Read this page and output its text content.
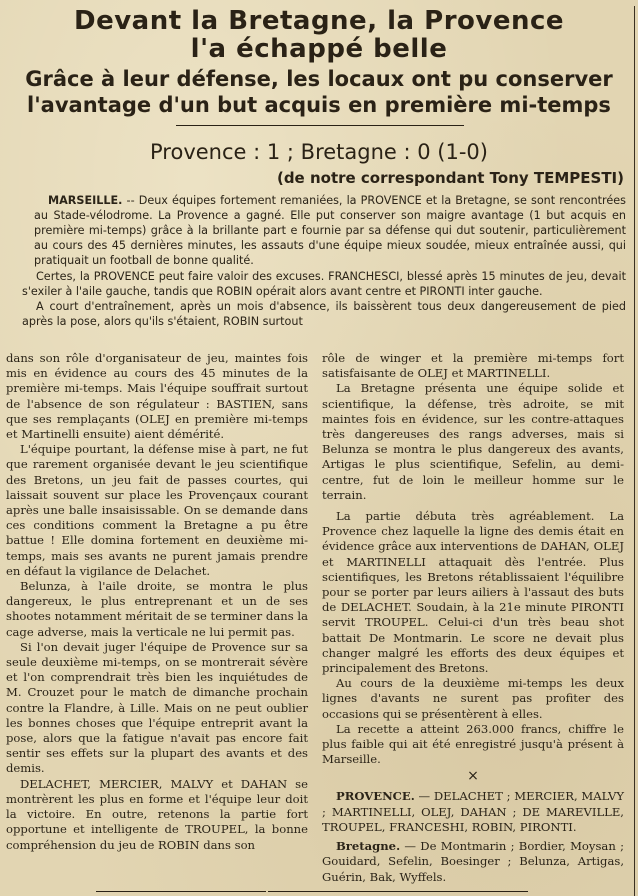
Devant la Bretagne, la Provence
l'a échappé belle
Grâce à leur défense, les locaux ont pu conserver
l'avantage d'un but acquis en première mi-temps
Provence : 1 ; Bretagne : 0 (1-0)
(de notre correspondant Tony TEMPESTI)

MARSEILLE. -- Deux équipes fortement remaniées, la PROVENCE et la Bretagne, se sont rencontrées au Stade-vélodrome. La Provence a gagné. Elle put conserver son maigre avantage (1 but acquis en première mi-temps) grâce à la brillante part e fournie par sa défense qui dut soutenir, particulièrement au cours des 45 dernières minutes, les assauts d'une équipe mieux soudée, mieux entraînée aussi, qui pratiquait un football de bonne qualité.

Certes, la PROVENCE peut faire valoir des excuses. FRANCHESCI, blessé après 15 minutes de jeu, devait s'exiler à l'aile gauche, tandis que ROBIN opérait alors avant centre et PIRONTI inter gauche.

A court d'entraînement, après un mois d'absence, ils baissèrent tous deux dangereusement de pied après la pose, alors qu'ils s'étaient, ROBIN surtout

dans son rôle d'organisateur de jeu, maintes fois mis en évidence au cours des 45 minutes de la première mi-temps. Mais l'équipe souffrait surtout de l'absence de son régulateur : BASTIEN, sans que ses remplaçants (OLEJ en première mi-temps et Martinelli ensuite) aient démérité.

L'équipe pourtant, la défense mise à part, ne fut que rarement organisée devant le jeu scientifique des Bretons, un jeu fait de passes courtes, qui laissait souvent sur place les Provençaux courant après une balle insaisissable. On se demande dans ces conditions comment la Bretagne a pu être battue ! Elle domina fortement en deuxième mi-temps, mais ses avants ne purent jamais prendre en défaut la vigilance de Delachet.

Belunza, à l'aile droite, se montra le plus dangereux, le plus entreprenant et un de ses shootes notamment méritait de se terminer dans la cage adverse, mais la verticale ne lui permit pas.

Si l'on devait juger l'équipe de Provence sur sa seule deuxième mi-temps, on se montrerait sévère et l'on comprendrait très bien les inquiétudes de M. Crouzet pour le match de dimanche prochain contre la Flandre, à Lille. Mais on ne peut oublier les bonnes choses que l'équipe entreprit avant la pose, alors que la fatigue n'avait pas encore fait sentir ses effets sur la plupart des avants et des demis.

DELACHET, MERCIER, MALVY et DAHAN se montrèrent les plus en forme et l'équipe leur doit la victoire. En outre, retenons la partie fort opportune et intelligente de TROUPEL, la bonne compréhension du jeu de ROBIN dans son

rôle de winger et la première mi-temps fort satisfaisante de OLEJ et MARTINELLI.

La Bretagne présenta une équipe solide et scientifique, la défense, très adroite, se mit maintes fois en évidence, sur les contre-attaques très dangereuses des rangs adverses, mais si Belunza se montra le plus dangereux des avants, Artigas le plus scientifique, Sefelin, au demi-centre, fut de loin le meilleur homme sur le terrain.

La partie débuta très agréablement. La Provence chez laquelle la ligne des demis était en évidence grâce aux interventions de DAHAN, OLEJ et MARTINELLI attaquait dès l'entrée. Plus scientifiques, les Bretons rétablissaient l'équilibre pour se porter par leurs ailiers à l'assaut des buts de DELACHET. Soudain, à la 21e minute PIRONTI servit TROUPEL. Celui-ci d'un très beau shot battait De Montmarin. Le score ne devait plus changer malgré les efforts des deux équipes et principalement des Bretons.

Au cours de la deuxième mi-temps les deux lignes d'avants ne surent pas profiter des occasions qui se présentèrent à elles.

La recette a atteint 263.000 francs, chiffre le plus faible qui ait été enregistré jusqu'à présent à Marseille.

×

PROVENCE. — DELACHET ; MERCIER, MALVY ; MARTINELLI, OLEJ, DAHAN ; DE MAREVILLE, TROUPEL, FRANCESHI, ROBIN, PIRONTI.

Bretagne. — De Montmarin ; Bordier, Moysan ; Gouidard, Sefelin, Boesinger ; Belunza, Artigas, Guérin, Bak, Wyffels.
